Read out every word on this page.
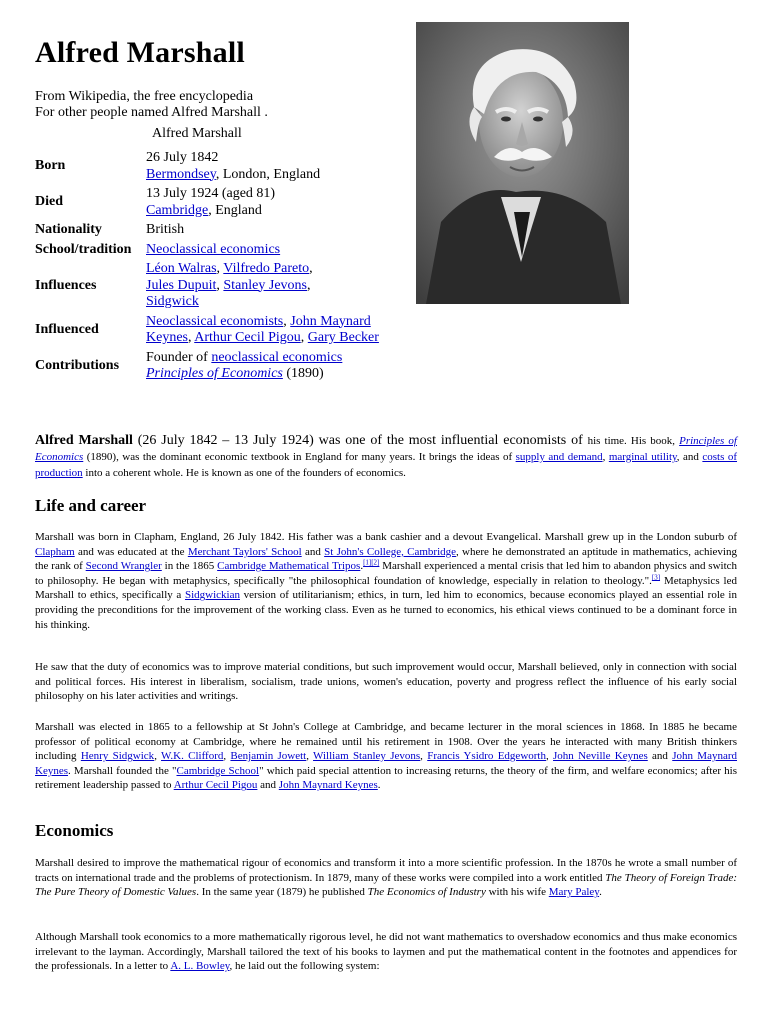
Alfred Marshall
From Wikipedia, the free encyclopedia
For other people named Alfred Marshall .
Alfred Marshall
Born
26 July 1842
Bermondsey, London, England
Died
13 July 1924 (aged 81)
Cambridge, England
Nationality	British
School/tradition	Neoclassical economics
Influences
Léon Walras, Vilfredo Pareto,
Jules Dupuit, Stanley Jevons,
Sidgwick
Influenced
Neoclassical economists, John Maynard Keynes, Arthur Cecil Pigou, Gary Becker
Contributions
Founder of neoclassical economics
Principles of Economics (1890)
Alfred Marshall (26 July 1842 – 13 July 1924) was one of the most influential economists of his time. His book, Principles of Economics (1890), was the dominant economic textbook in England for many years. It brings the ideas of supply and demand, marginal utility, and costs of production into a coherent whole. He is known as one of the founders of economics.
Life and career

Marshall was born in Clapham, England, 26 July 1842. His father was a bank cashier and a devout Evangelical. Marshall grew up in the London suburb of Clapham and was educated at the Merchant Taylors' School and St John's College, Cambridge, where he demonstrated an aptitude in mathematics, achieving the rank of Second Wrangler in the 1865 Cambridge Mathematical Tripos.[1][2] Marshall experienced a mental crisis that led him to abandon physics and switch to philosophy. He began with metaphysics, specifically "the philosophical foundation of knowledge, especially in relation to theology.".[3] Metaphysics led Marshall to ethics, specifically a Sidgwickian version of utilitarianism; ethics, in turn, led him to economics, because economics played an essential role in providing the preconditions for the improvement of the working class. Even as he turned to economics, his ethical views continued to be a dominant force in his thinking.

He saw that the duty of economics was to improve material conditions, but such improvement would occur, Marshall believed, only in connection with social and political forces. His interest in liberalism, socialism, trade unions, women's education, poverty and progress reflect the influence of his early social philosophy on his later activities and writings.

Marshall was elected in 1865 to a fellowship at St John's College at Cambridge, and became lecturer in the moral sciences in 1868. In 1885 he became professor of political economy at Cambridge, where he remained until his retirement in 1908. Over the years he interacted with many British thinkers including Henry Sidgwick, W.K. Clifford, Benjamin Jowett, William Stanley Jevons, Francis Ysidro Edgeworth, John Neville Keynes and John Maynard Keynes. Marshall founded the "Cambridge School" which paid special attention to increasing returns, the theory of the firm, and welfare economics; after his retirement leadership passed to Arthur Cecil Pigou and John Maynard Keynes.

Economics

Marshall desired to improve the mathematical rigour of economics and transform it into a more scientific profession. In the 1870s he wrote a small number of tracts on international trade and the problems of protectionism. In 1879, many of these works were compiled into a work entitled The Theory of Foreign Trade: The Pure Theory of Domestic Values. In the same year (1879) he published The Economics of Industry with his wife Mary Paley.

Although Marshall took economics to a more mathematically rigorous level, he did not want mathematics to overshadow economics and thus make economics irrelevant to the layman. Accordingly, Marshall tailored the text of his books to laymen and put the mathematical content in the footnotes and appendices for the professionals. In a letter to A. L. Bowley, he laid out the following system:
